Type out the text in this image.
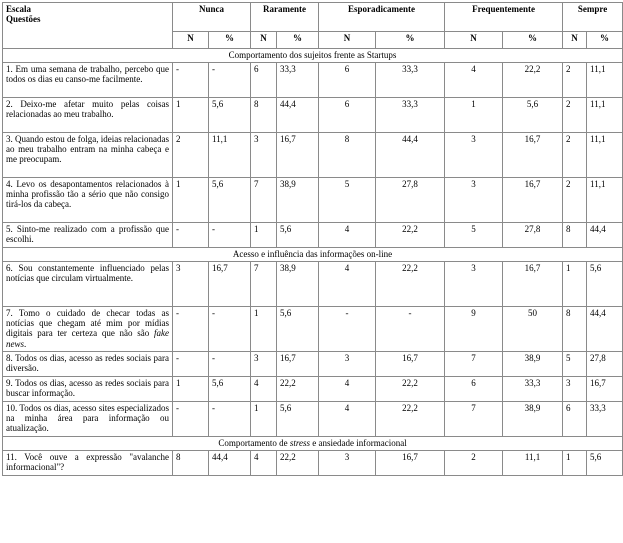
Escala
Questões	Nunca		Raramente		Esporadicamente		Frequentemente		Sempre	
	N	%	N	%	N	%	N	%	N	%
Comportamento dos sujeitos frente as Startups										
1. Em uma semana de trabalho, percebo que todos os dias eu canso-me facilmente.	-	-	6	33,3	6	33,3	4	22,2	2	11,1
2. Deixo-me afetar muito pelas coisas relacionadas ao meu trabalho.	1	5,6	8	44,4	6	33,3	1	5,6	2	11,1
3. Quando estou de folga, ideias relacionadas ao meu trabalho entram na minha cabeça e me preocupam.	2	11,1	3	16,7	8	44,4	3	16,7	2	11,1
4. Levo os desapontamentos relacionados à minha profissão tão a sério que não consigo tirá-los da cabeça.	1	5,6	7	38,9	5	27,8	3	16,7	2	11,1
5. Sinto-me realizado com a profissão que escolhi.	-	-	1	5,6	4	22,2	5	27,8	8	44,4
Acesso e influência das informações on-line										
6. Sou constantemente influenciado pelas notícias que circulam virtualmente.	3	16,7	7	38,9	4	22,2	3	16,7	1	5,6
7. Tomo o cuidado de checar todas as notícias que chegam até mim por mídias digitais para ter certeza que não são fake news.	-	-	1	5,6	-	-	9	50	8	44,4
8. Todos os dias, acesso as redes sociais para diversão.	-	-	3	16,7	3	16,7	7	38,9	5	27,8
9. Todos os dias, acesso as redes sociais para buscar informação.	1	5,6	4	22,2	4	22,2	6	33,3	3	16,7
10. Todos os dias, acesso sites especializados na minha área para informação ou atualização.	-	-	1	5,6	4	22,2	7	38,9	6	33,3
Comportamento de stress e ansiedade informacional										
11. Você ouve a expressão "avalanche informacional"?	8	44,4	4	22,2	3	16,7	2	11,1	1	5,6
